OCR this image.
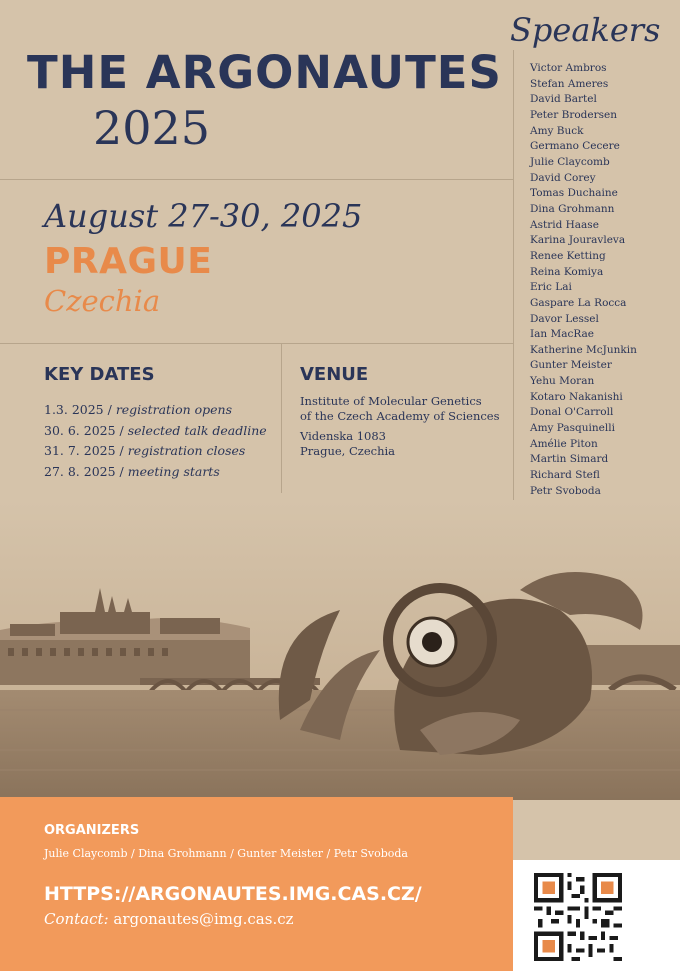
THE ARGONAUTES
2025
August 27-30, 2025
PRAGUE
Czechia
KEY DATES
1.3. 2025 / registration opens
30. 6. 2025 / selected talk deadline
31. 7. 2025 / registration closes
27. 8. 2025 / meeting starts
VENUE
Institute of Molecular Genetics
of the Czech Academy of Sciences
Videnska 1083
Prague, Czechia
Speakers
Victor Ambros
Stefan Ameres
David Bartel
Peter Brodersen
Amy Buck
Germano Cecere
Julie Claycomb
David Corey
Tomas Duchaine
Dina Grohmann
Astrid Haase
Karina Jouravleva
Renee Ketting
Reina Komiya
Eric Lai
Gaspare La Rocca
Davor Lessel
Ian MacRae
Katherine McJunkin
Gunter Meister
Yehu Moran
Kotaro Nakanishi
Donal O'Carroll
Amy Pasquinelli
Amélie Piton
Martin Simard
Richard Stefl
Petr Svoboda
ORGANIZERS
Julie Claycomb / Dina Grohmann / Gunter Meister / Petr Svoboda
HTTPS://ARGONAUTES.IMG.CAS.CZ/
Contact: argonautes@img.cas.cz
